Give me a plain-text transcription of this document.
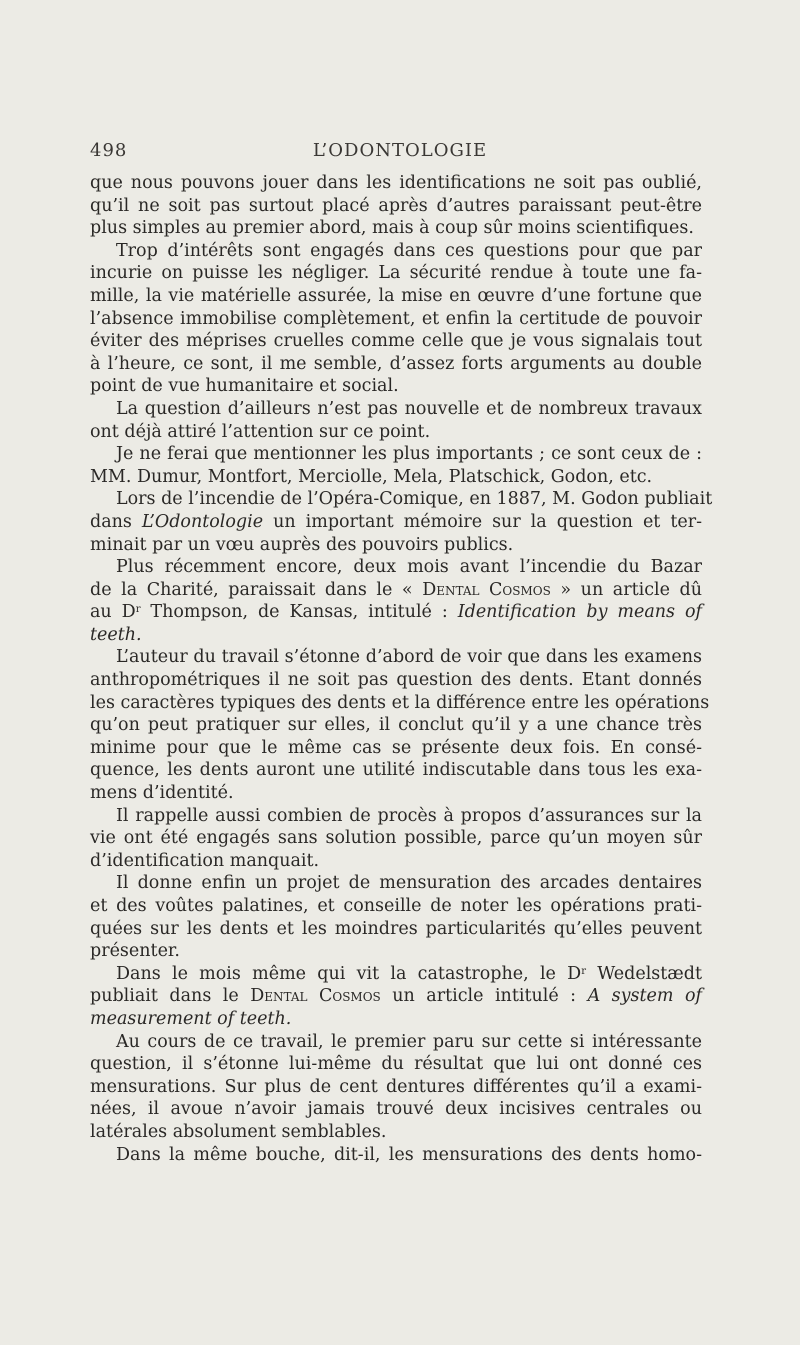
498	L’ODONTOLOGIE
que nous pouvons jouer dans les identifications ne soit pas oublié,
qu’il ne soit pas surtout placé après d’autres paraissant peut-être
plus simples au premier abord, mais à coup sûr moins scientifiques.
Trop d’intérêts sont engagés dans ces questions pour que par
incurie on puisse les négliger. La sécurité rendue à toute une fa-
mille, la vie matérielle assurée, la mise en œuvre d’une fortune que
l’absence immobilise complètement, et enfin la certitude de pouvoir
éviter des méprises cruelles comme celle que je vous signalais tout
à l’heure, ce sont, il me semble, d’assez forts arguments au double
point de vue humanitaire et social.
La question d’ailleurs n’est pas nouvelle et de nombreux travaux
ont déjà attiré l’attention sur ce point.
Je ne ferai que mentionner les plus importants ; ce sont ceux de :
MM. Dumur, Montfort, Merciolle, Mela, Platschick, Godon, etc.
Lors de l’incendie de l’Opéra-Comique, en 1887, M. Godon publiait
dans L’Odontologie un important mémoire sur la question et ter-
minait par un vœu auprès des pouvoirs publics.
Plus récemment encore, deux mois avant l’incendie du Bazar
de la Charité, paraissait dans le « Dental Cosmos » un article dû
au $D^r$ Thompson, de Kansas, intitulé : Identification by means of
teeth.
L’auteur du travail s’étonne d’abord de voir que dans les examens
anthropométriques il ne soit pas question des dents. Etant donnés
les caractères typiques des dents et la différence entre les opérations
qu’on peut pratiquer sur elles, il conclut qu’il y a une chance très
minime pour que le même cas se présente deux fois. En consé-
quence, les dents auront une utilité indiscutable dans tous les exa-
mens d’identité.
Il rappelle aussi combien de procès à propos d’assurances sur la
vie ont été engagés sans solution possible, parce qu’un moyen sûr
d’identification manquait.
Il donne enfin un projet de mensuration des arcades dentaires
et des voûtes palatines, et conseille de noter les opérations prati-
quées sur les dents et les moindres particularités qu’elles peuvent
présenter.
Dans le mois même qui vit la catastrophe, le $D^r$ Wedelstædt
publiait dans le Dental Cosmos un article intitulé : A system of
measurement of teeth.
Au cours de ce travail, le premier paru sur cette si intéressante
question, il s’étonne lui-même du résultat que lui ont donné ces
mensurations. Sur plus de cent dentures différentes qu’il a exami-
nées, il avoue n’avoir jamais trouvé deux incisives centrales ou
latérales absolument semblables.
Dans la même bouche, dit-il, les mensurations des dents homo-
